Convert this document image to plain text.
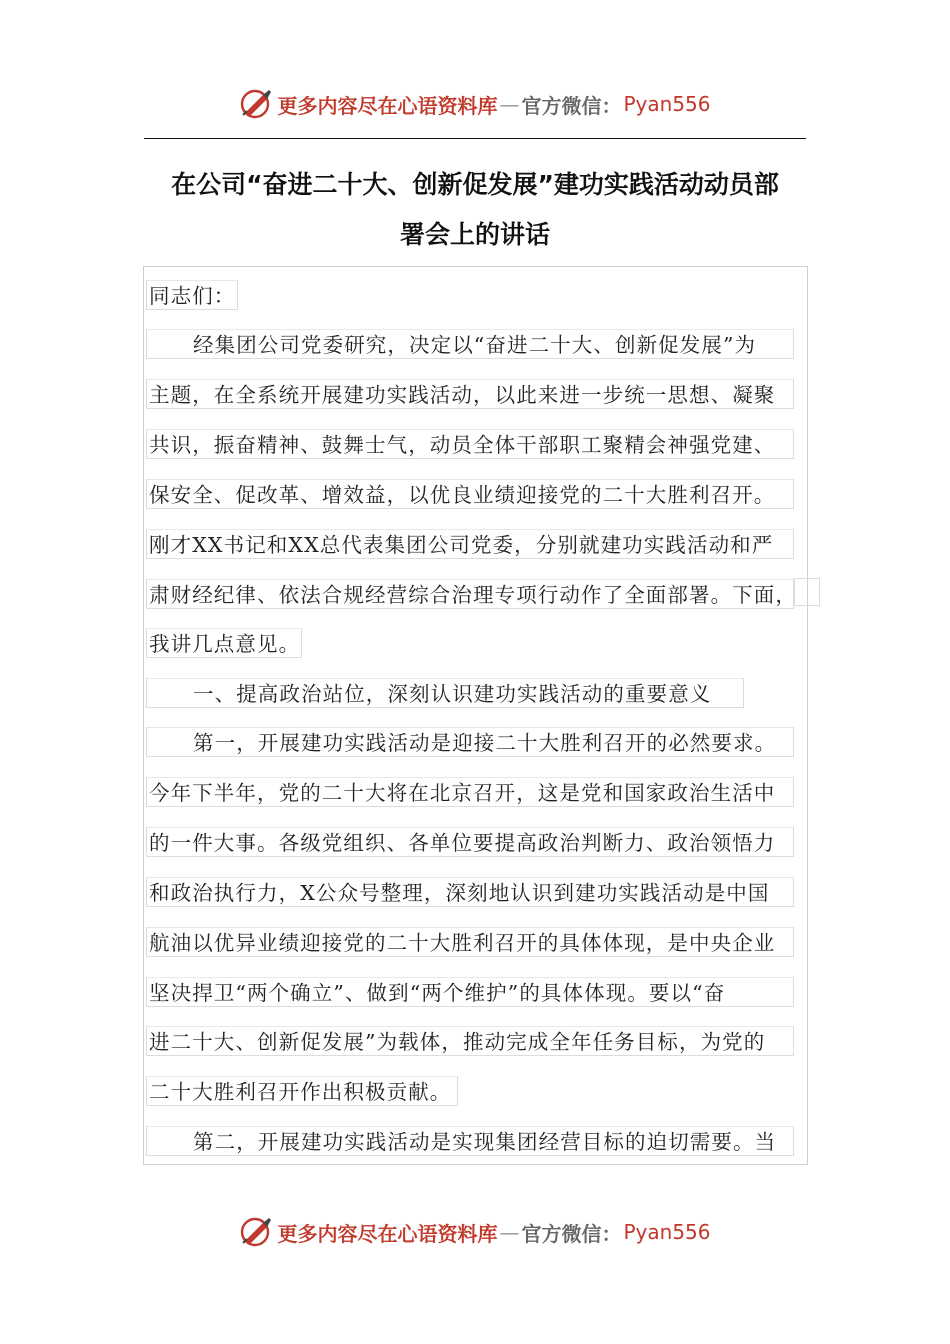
更多内容尽在心语资料库 — 官方微信： Pyan556
在公司“奋进二十大、创新促发展”建功实践活动动员部
署会上的讲话
同志们：
经集团公司党委研究，决定以“奋进二十大、创新促发展”为
主题，在全系统开展建功实践活动，以此来进一步统一思想、凝聚
共识，振奋精神、鼓舞士气，动员全体干部职工聚精会神强党建、
保安全、促改革、增效益，以优良业绩迎接党的二十大胜利召开。
刚才XX书记和XX总代表集团公司党委，分别就建功实践活动和严
肃财经纪律、依法合规经营综合治理专项行动作了全面部署。下面，
我讲几点意见。
一、提高政治站位，深刻认识建功实践活动的重要意义
第一，开展建功实践活动是迎接二十大胜利召开的必然要求。
今年下半年，党的二十大将在北京召开，这是党和国家政治生活中
的一件大事。各级党组织、各单位要提高政治判断力、政治领悟力
和政治执行力，X公众号整理，深刻地认识到建功实践活动是中国
航油以优异业绩迎接党的二十大胜利召开的具体体现，是中央企业
坚决捍卫“两个确立”、做到“两个维护”的具体体现。要以“奋
进二十大、创新促发展”为载体，推动完成全年任务目标，为党的
二十大胜利召开作出积极贡献。
第二，开展建功实践活动是实现集团经营目标的迫切需要。当
更多内容尽在心语资料库 — 官方微信： Pyan556
